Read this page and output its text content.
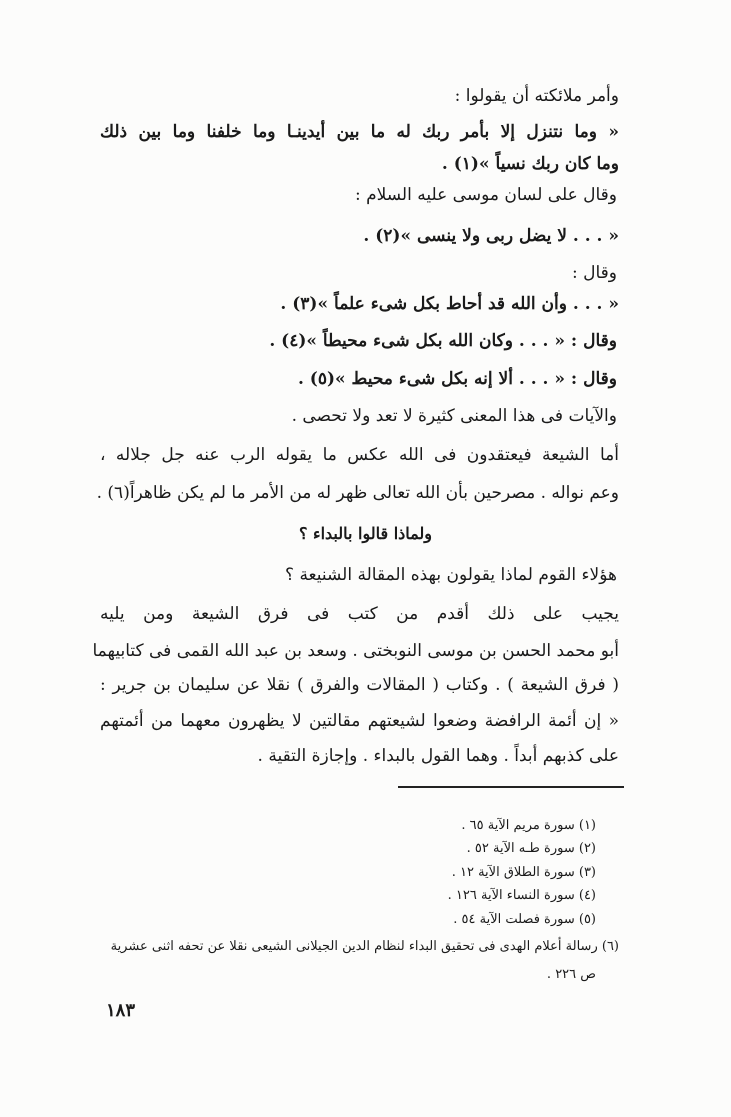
وأمر ملائكته أن يقولوا :
« وما نتنزل إلا بأمر ربك له ما بين أيدينـا وما خلفنا وما بين ذلك
وما كان ربك نسياً »(١) .
وقال على لسان موسى عليه السلام :
« . . . لا يضل ربى ولا ينسى »(٢) .
وقال :
« . . . وأن الله قد أحاط بكل شىء علماً »(٣) .
وقال : « . . . وكان الله بكل شىء محيطاً »(٤) .
وقال : « . . . ألا إنه بكل شىء محيط »(٥) .
والآيات فى هذا المعنى كثيرة لا تعد ولا تحصى .
أما الشيعة فيعتقدون فى الله عكس ما يقوله الرب عنه جل جلاله ،
وعم نواله . مصرحين بأن الله تعالى ظهر له من الأمر ما لم يكن ظاهراً(٦) .
ولماذا قالوا بالبداء ؟
هؤلاء القوم لماذا يقولون بهذه المقالة الشنيعة ؟
يجيب على ذلك أقدم من كتب فى فرق الشيعة ومن يليه
أبو محمد الحسن بن موسى النوبختى . وسعد بن عبد الله القمى فى كتابيهما
( فرق الشيعة ) . وكتاب ( المقالات والفرق ) نقلا عن سليمان بن جرير :
« إن أئمة الرافضة وضعوا لشيعتهم مقالتين لا يظهرون معهما من أئمتهم
على كذبهم أبداً . وهما القول بالبداء . وإجازة التقية .
(١) سورة مريم الآية ٦٥ .
(٢) سورة طـه الآية ٥٢ .
(٣) سورة الطلاق الآية ١٢ .
(٤) سورة النساء الآية ١٢٦ .
(٥) سورة فصلت الآية ٥٤ .
(٦) رسالة أعلام الهدى فى تحقيق البداء لنظام الدين الجيلانى الشيعى نقلا عن تحفه اثنى عشرية
ص ٢٢٦ .
١٨٣
